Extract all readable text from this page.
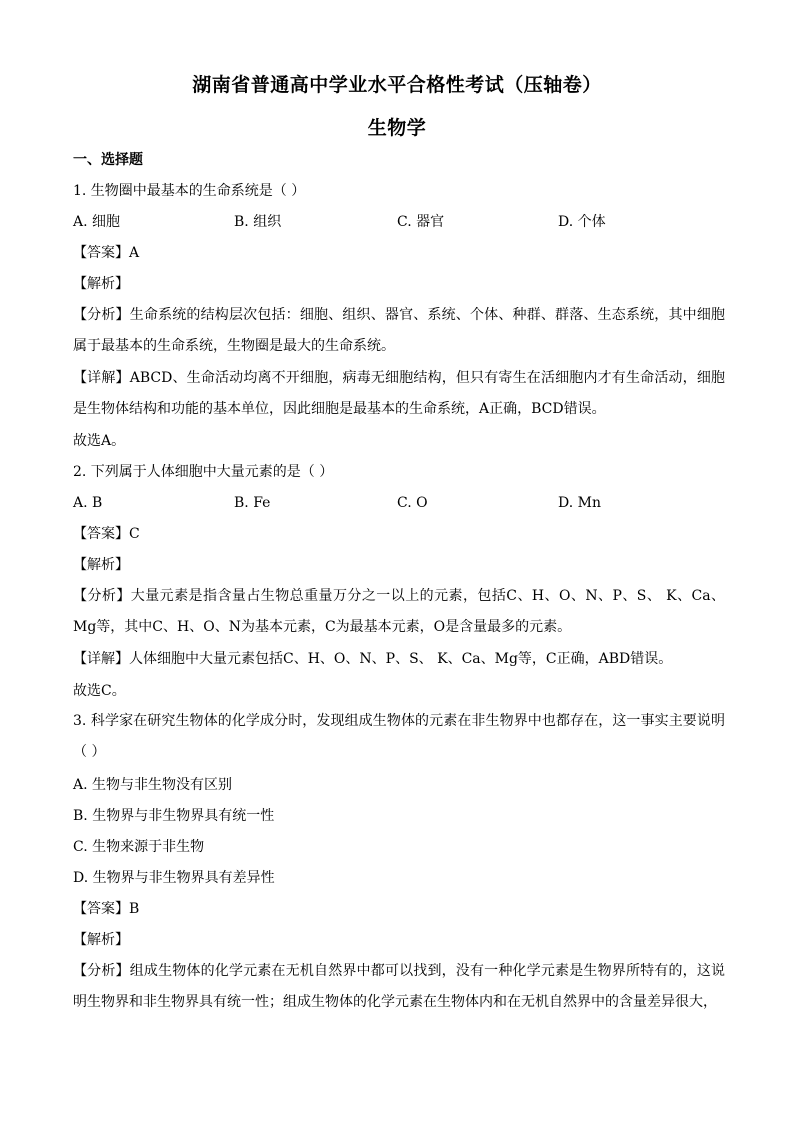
湖南省普通高中学业水平合格性考试（压轴卷）
生物学
一、选择题
1. 生物圈中最基本的生命系统是（ ）
A. 细胞	B. 组织	C. 器官	D. 个体
【答案】A
【解析】
【分析】生命系统的结构层次包括：细胞、组织、器官、系统、个体、种群、群落、生态系统，其中细胞属于最基本的生命系统，生物圈是最大的生命系统。
【详解】ABCD、生命活动均离不开细胞，病毒无细胞结构，但只有寄生在活细胞内才有生命活动，细胞是生物体结构和功能的基本单位，因此细胞是最基本的生命系统，A正确，BCD错误。
故选A。
2. 下列属于人体细胞中大量元素的是（ ）
A. B	B. Fe	C. O	D. Mn
【答案】C
【解析】
【分析】大量元素是指含量占生物总重量万分之一以上的元素，包括C、H、O、N、P、S、 K、Ca、Mg等，其中C、H、O、N为基本元素，C为最基本元素，O是含量最多的元素。
【详解】人体细胞中大量元素包括C、H、O、N、P、S、 K、Ca、Mg等，C正确，ABD错误。
故选C。
3. 科学家在研究生物体的化学成分时，发现组成生物体的元素在非生物界中也都存在，这一事实主要说明（ ）
A. 生物与非生物没有区别
B. 生物界与非生物界具有统一性
C. 生物来源于非生物
D. 生物界与非生物界具有差异性
【答案】B
【解析】
【分析】组成生物体的化学元素在无机自然界中都可以找到，没有一种化学元素是生物界所特有的，这说明生物界和非生物界具有统一性；组成生物体的化学元素在生物体内和在无机自然界中的含量差异很大，
